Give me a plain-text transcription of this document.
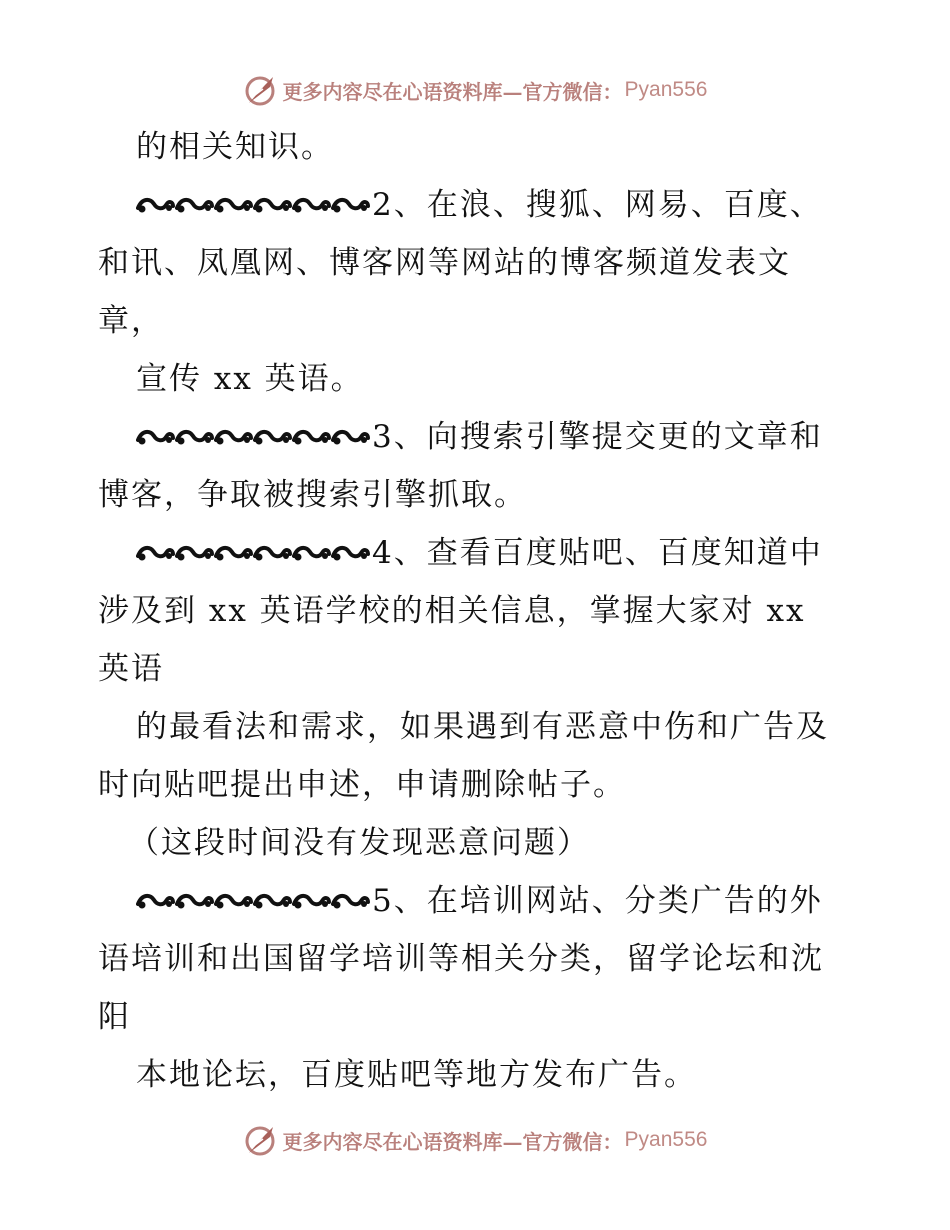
更多内容尽在心语资料库—官方微信： Pyan556
的相关知识。
2、在浪、搜狐、网易、百度、
和讯、凤凰网、博客网等网站的博客频道发表文
章，
宣传 xx 英语。
3、向搜索引擎提交更的文章和
博客，争取被搜索引擎抓取。
4、查看百度贴吧、百度知道中
涉及到 xx 英语学校的相关信息，掌握大家对 xx
英语
的最看法和需求，如果遇到有恶意中伤和广告及
时向贴吧提出申述，申请删除帖子。
（这段时间没有发现恶意问题）
5、在培训网站、分类广告的外
语培训和出国留学培训等相关分类，留学论坛和沈
阳
本地论坛，百度贴吧等地方发布广告。
更多内容尽在心语资料库—官方微信： Pyan556
